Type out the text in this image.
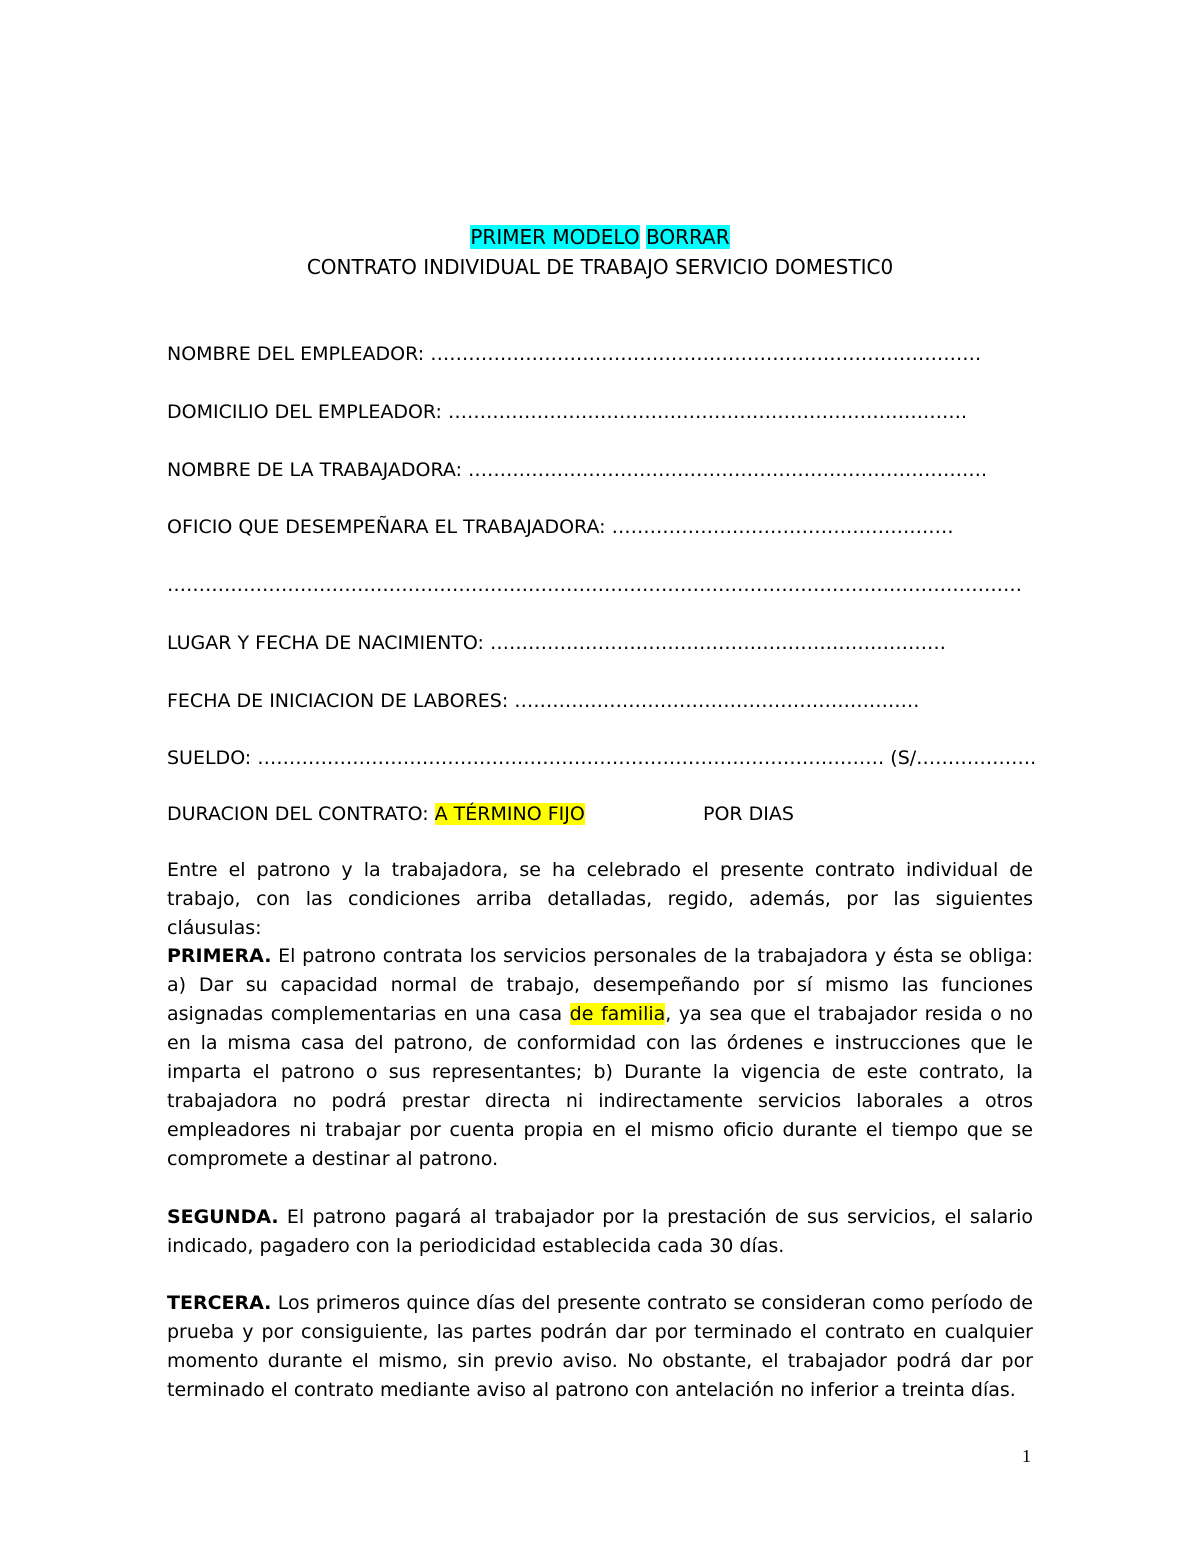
PRIMER MODELO BORRAR
CONTRATO INDIVIDUAL DE TRABAJO SERVICIO DOMESTIC0
NOMBRE DEL EMPLEADOR: ……………………………………………………………………………
DOMICILIO DEL EMPLEADOR: ……………………………………………………………………….
NOMBRE DE LA TRABAJADORA: ……………………………………………………………………….
OFICIO QUE DESEMPEÑARA EL TRABAJADORA: ………………………………………………
………………………………………………………………………………………………………………………
LUGAR Y FECHA DE NACIMIENTO: ………………………………………………………………
FECHA DE INICIACION DE LABORES: ……………………………………………………….
SUELDO: ……………………………………………………………………………………… (S/……………….
DURACION DEL CONTRATO: A TÉRMINO FIJO	POR DIAS
Entre el patrono y la trabajadora, se ha celebrado el presente contrato individual de trabajo, con las condiciones arriba detalladas, regido, además, por las siguientes cláusulas:
PRIMERA. El patrono contrata los servicios personales de la trabajadora y ésta se obliga: a) Dar su capacidad normal de trabajo, desempeñando por sí mismo las funciones asignadas complementarias en una casa de familia, ya sea que el trabajador resida o no en la misma casa del patrono, de conformidad con las órdenes e instrucciones que le imparta el patrono o sus representantes; b) Durante la vigencia de este contrato, la trabajadora no podrá prestar directa ni indirectamente servicios laborales a otros empleadores ni trabajar por cuenta propia en el mismo oficio durante el tiempo que se compromete a destinar al patrono.
SEGUNDA. El patrono pagará al trabajador por la prestación de sus servicios, el salario indicado, pagadero con la periodicidad establecida cada 30 días.
TERCERA. Los primeros quince días del presente contrato se consideran como período de prueba y por consiguiente, las partes podrán dar por terminado el contrato en cualquier momento durante el mismo, sin previo aviso. No obstante, el trabajador podrá dar por terminado el contrato mediante aviso al patrono con antelación no inferior a treinta días.
1
